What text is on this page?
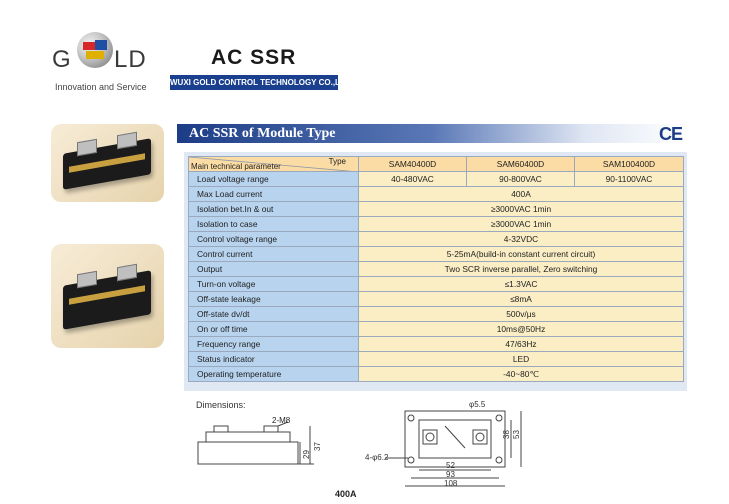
G LD
Innovation and Service
AC SSR
WUXI GOLD CONTROL TECHNOLOGY CO.,LTD.
AC SSR of Module Type	CE
Type
Main technical parameter	SAM40400D	SAM60400D	SAM100400D
Load voltage range	40-480VAC	90-800VAC	90-1100VAC
Max Load current	400A		
Isolation bet.In & out	≥3000VAC 1min		
Isolation to case	≥3000VAC 1min		
Control voltage range	4-32VDC		
Control current	5-25mA(build-in constant current circuit)		
Output	Two SCR inverse parallel, Zero switching		
Turn-on voltage	≤1.3VAC		
Off-state leakage	≤8mA		
Off-state dv/dt	500v/μs		
On or off time	10ms@50Hz		
Frequency range	47/63Hz		
Status indicator	LED		
Operating temperature	-40~80℃		
Dimensions:
2-M8
29
37
φ5.5
4-φ6.2
38 53
52
93
108
400A
